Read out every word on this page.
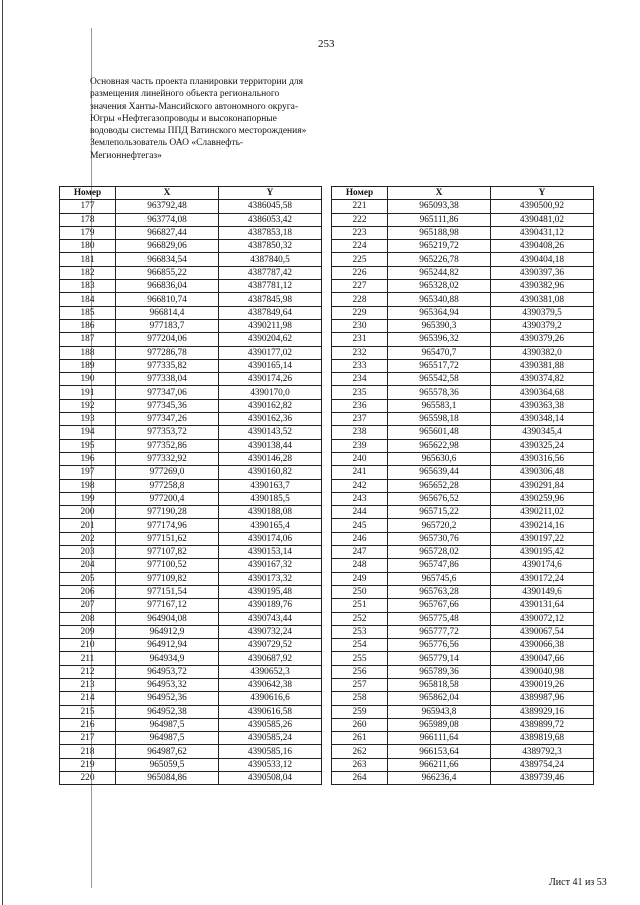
253
Основная часть проекта планировки территории для
размещения линейного объекта регионального
значения Ханты-Мансийского автономного округа-
Югры «Нефтегазопроводы и высоконапорные
водоводы системы ППД Ватинского месторождения»
Землепользователь ОАО «Славнефть-
Мегионнефтегаз»
Номер	X	Y
177	963792,48	4386045,58
178	963774,08	4386053,42
179	966827,44	4387853,18
180	966829,06	4387850,32
181	966834,54	4387840,5
182	966855,22	4387787,42
183	966836,04	4387781,12
184	966810,74	4387845,98
185	966814,4	4387849,64
186	977183,7	4390211,98
187	977204,06	4390204,62
188	977286,78	4390177,02
189	977335,82	4390165,14
190	977338,04	4390174,26
191	977347,06	4390170,0
192	977345,36	4390162,82
193	977347,26	4390162,36
194	977353,72	4390143,52
195	977352,86	4390138,44
196	977332,92	4390146,28
197	977269,0	4390160,82
198	977258,8	4390163,7
199	977200,4	4390185,5
200	977190,28	4390188,08
201	977174,96	4390165,4
202	977151,62	4390174,06
203	977107,82	4390153,14
204	977100,52	4390167,32
205	977109,82	4390173,32
206	977151,54	4390195,48
207	977167,12	4390189,76
208	964904,08	4390743,44
209	964912,9	4390732,24
210	964912,94	4390729,52
211	964934,9	4390687,92
212	964953,72	4390652,3
213	964953,32	4390642,38
214	964952,36	4390616,6
215	964952,38	4390616,58
216	964987,5	4390585,26
217	964987,5	4390585,24
218	964987,62	4390585,16
219	965059,5	4390533,12
220	965084,86	4390508,04
Номер	X	Y
221	965093,38	4390500,92
222	965111,86	4390481,02
223	965188,98	4390431,12
224	965219,72	4390408,26
225	965226,78	4390404,18
226	965244,82	4390397,36
227	965328,02	4390382,96
228	965340,88	4390381,08
229	965364,94	4390379,5
230	965390,3	4390379,2
231	965396,32	4390379,26
232	965470,7	4390382,0
233	965517,72	4390381,88
234	965542,58	4390374,82
235	965578,36	4390364,68
236	965583,1	4390363,38
237	965598,18	4390348,14
238	965601,48	4390345,4
239	965622,98	4390325,24
240	965630,6	4390316,56
241	965639,44	4390306,48
242	965652,28	4390291,84
243	965676,52	4390259,96
244	965715,22	4390211,02
245	965720,2	4390214,16
246	965730,76	4390197,22
247	965728,02	4390195,42
248	965747,86	4390174,6
249	965745,6	4390172,24
250	965763,28	4390149,6
251	965767,66	4390131,64
252	965775,48	4390072,12
253	965777,72	4390067,54
254	965776,56	4390066,38
255	965779,14	4390047,66
256	965789,36	4390040,98
257	965818,58	4390019,26
258	965862,04	4389987,96
259	965943,8	4389929,16
260	965989,08	4389899,72
261	966111,64	4389819,68
262	966153,64	4389792,3
263	966211,66	4389754,24
264	966236,4	4389739,46
Лист 41 из 53
